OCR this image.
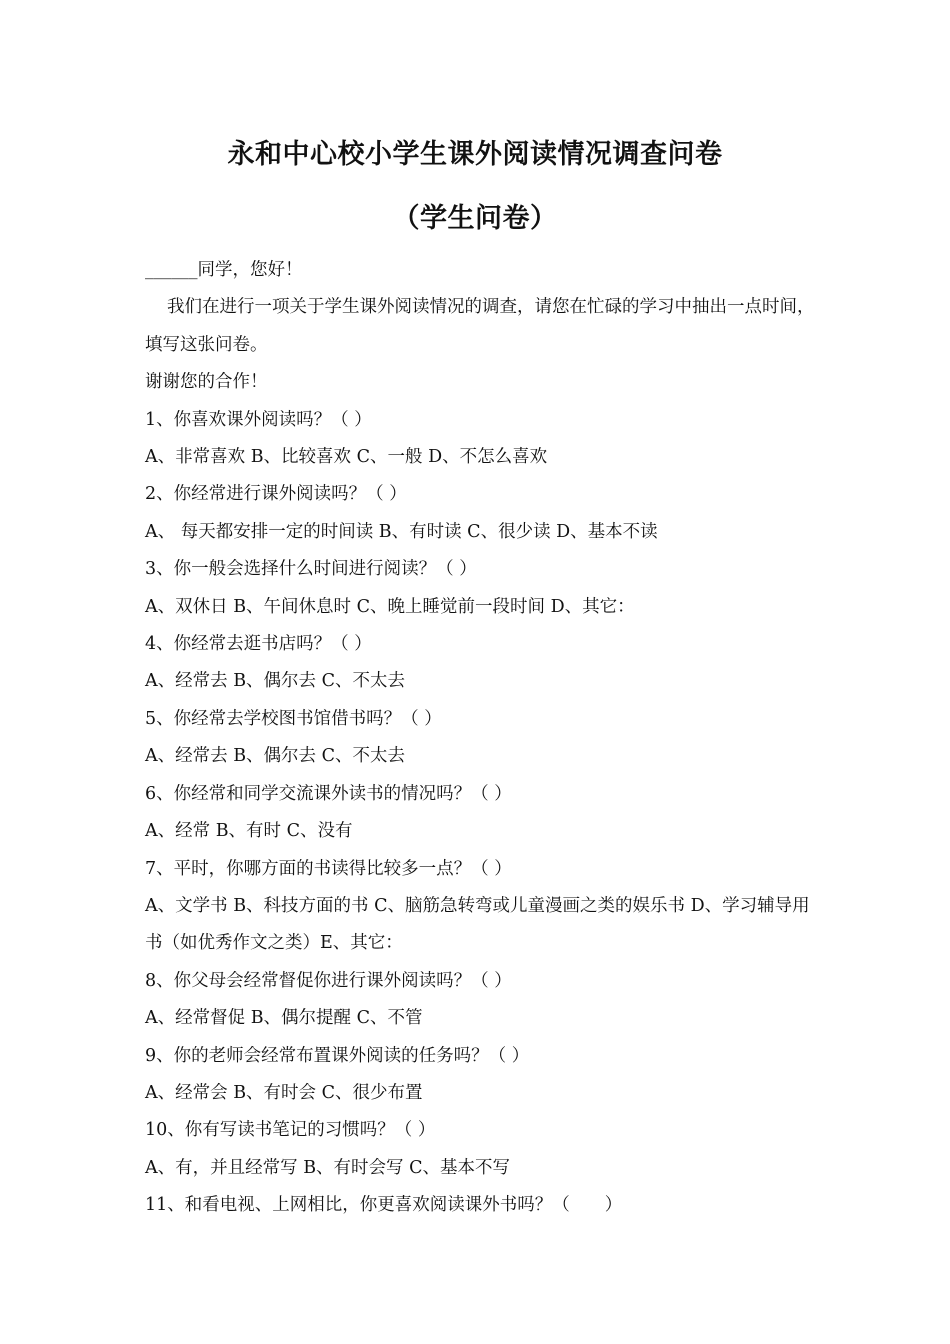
永和中心校小学生课外阅读情况调查问卷
（学生问卷）

______同学，您好！

我们在进行一项关于学生课外阅读情况的调查，请您在忙碌的学习中抽出一点时间，填写这张问卷。

谢谢您的合作！

1、你喜欢课外阅读吗？（ ）

A、非常喜欢 B、比较喜欢 C、一般 D、不怎么喜欢

2、你经常进行课外阅读吗？（ ）

A、 每天都安排一定的时间读 B、有时读 C、很少读 D、基本不读

3、你一般会选择什么时间进行阅读？（ ）

A、双休日 B、午间休息时 C、晚上睡觉前一段时间 D、其它：

4、你经常去逛书店吗？（ ）

A、经常去 B、偶尔去 C、不太去

5、你经常去学校图书馆借书吗？（ ）

A、经常去 B、偶尔去 C、不太去

6、你经常和同学交流课外读书的情况吗？（ ）

A、经常 B、有时 C、没有

7、平时，你哪方面的书读得比较多一点？（ ）

A、文学书 B、科技方面的书 C、脑筋急转弯或儿童漫画之类的娱乐书 D、学习辅导用书（如优秀作文之类）E、其它：

8、你父母会经常督促你进行课外阅读吗？（ ）

A、经常督促 B、偶尔提醒 C、不管

9、你的老师会经常布置课外阅读的任务吗？（ ）

A、经常会 B、有时会 C、很少布置

10、你有写读书笔记的习惯吗？（ ）

A、有，并且经常写 B、有时会写 C、基本不写

11、和看电视、上网相比，你更喜欢阅读课外书吗？（　　）
